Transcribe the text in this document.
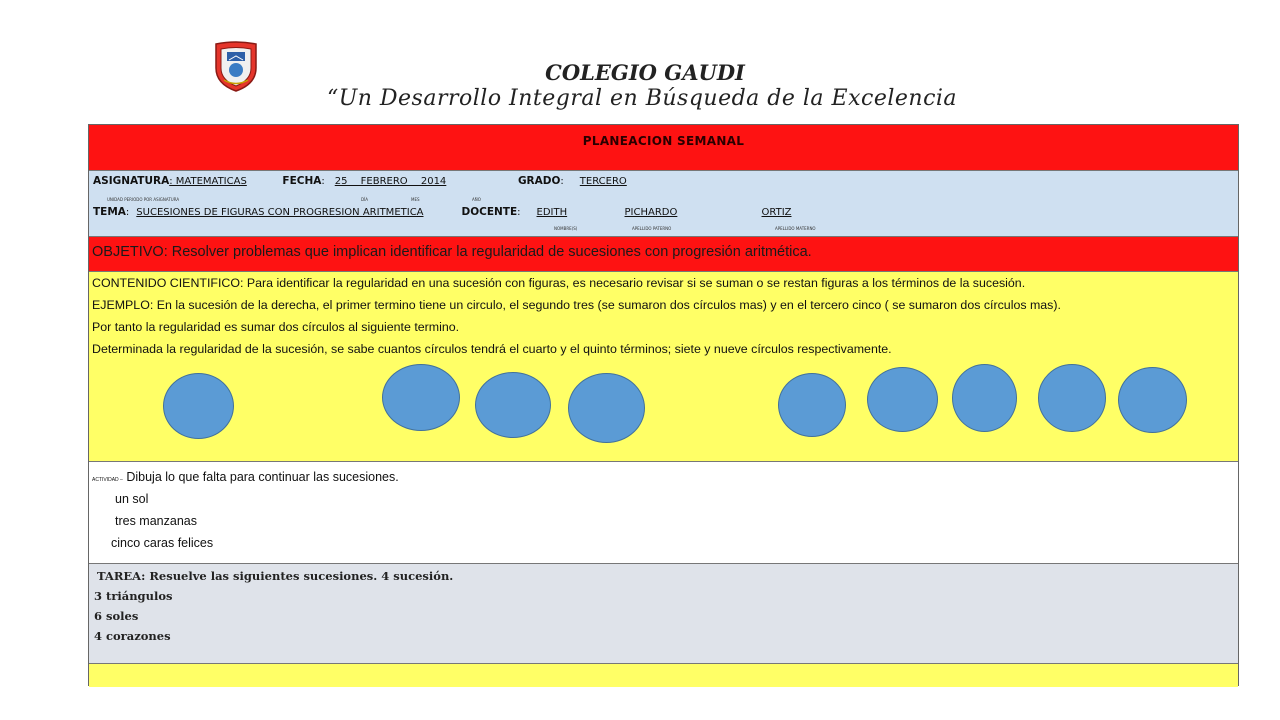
COLEGIO GAUDI
“Un Desarrollo Integral en Búsqueda de la Excelencia
PLANEACION SEMANAL
ASIGNATURA: MATEMATICAS	FECHA: 25 FEBRERO 2014	GRADO: TERCERO
UNIDAD PERIODO POR ASIGNATURA	DÍA	MES	AÑO
TEMA: SUCESIONES DE FIGURAS CON PROGRESION ARITMETICA	DOCENTE: EDITH	PICHARDO	ORTIZ
NOMBRE(S)	APELLIDO PATERNO	APELLIDO MATERNO
OBJETIVO: Resolver problemas que implican identificar la regularidad de sucesiones con progresión aritmética.
CONTENIDO CIENTIFICO: Para identificar la regularidad en una sucesión con figuras, es necesario revisar si se suman o se restan figuras a los términos de la sucesión.
EJEMPLO: En la sucesión de la derecha, el primer termino tiene un circulo, el segundo tres (se sumaron dos círculos mas) y en el tercero cinco ( se sumaron dos círculos mas).
Por tanto la regularidad es sumar dos círculos al siguiente termino.
Determinada la regularidad de la sucesión, se sabe cuantos círculos tendrá el cuarto y el quinto términos; siete y nueve círculos respectivamente.
ACTIVIDAD – Dibuja lo que falta para continuar las sucesiones.
un sol
tres manzanas
cinco caras felices
TAREA: Resuelve las siguientes sucesiones. 4 sucesión.
3 triángulos
6 soles
4 corazones
